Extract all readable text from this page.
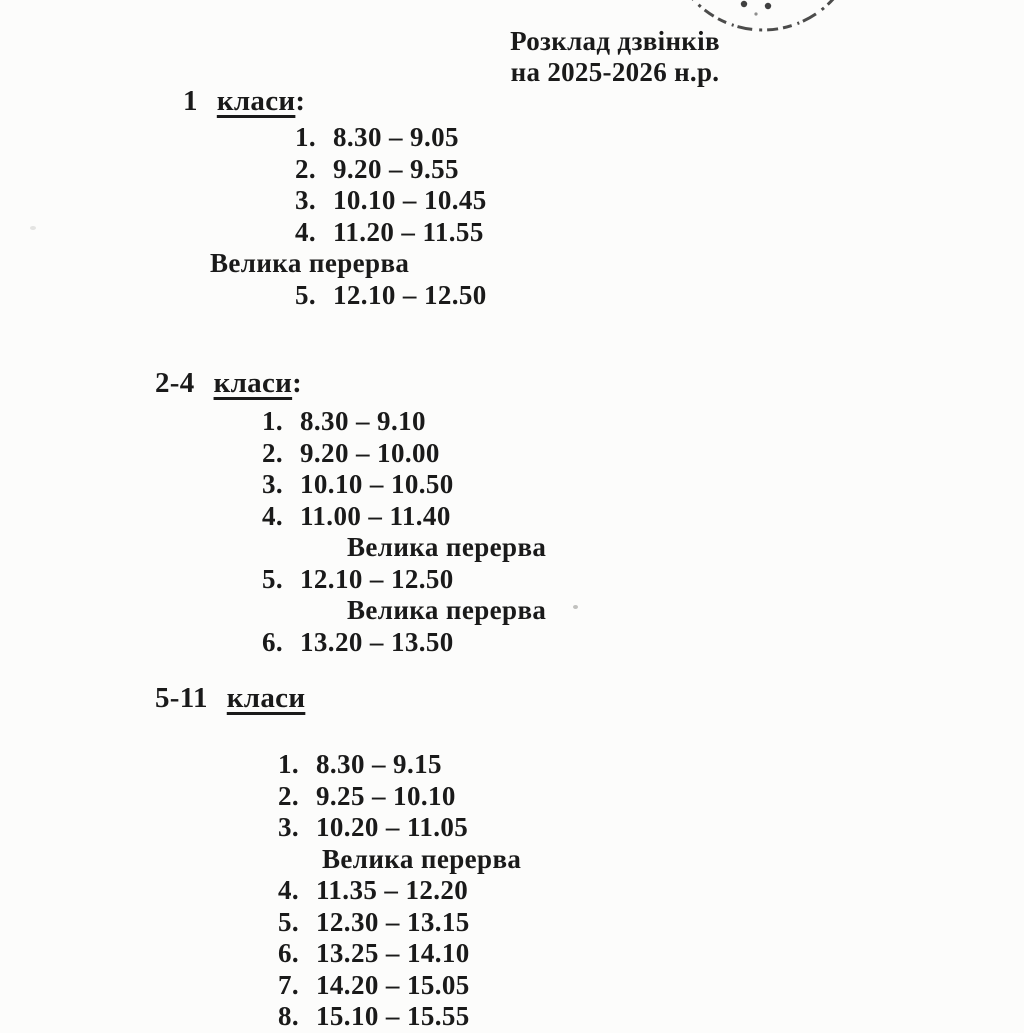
Розклад дзвінків
на 2025-2026 н.р.
1 класи:
1. 8.30 – 9.05
2. 9.20 – 9.55
3. 10.10 – 10.45
4. 11.20 – 11.55
Велика перерва
5. 12.10 – 12.50
2-4 класи:
1. 8.30 – 9.10
2. 9.20 – 10.00
3. 10.10 – 10.50
4. 11.00 – 11.40
Велика перерва
5. 12.10 – 12.50
Велика перерва
6. 13.20 – 13.50
5-11 класи
1. 8.30 – 9.15
2. 9.25 – 10.10
3. 10.20 – 11.05
Велика перерва
4. 11.35 – 12.20
5. 12.30 – 13.15
6. 13.25 – 14.10
7. 14.20 – 15.05
8. 15.10 – 15.55
